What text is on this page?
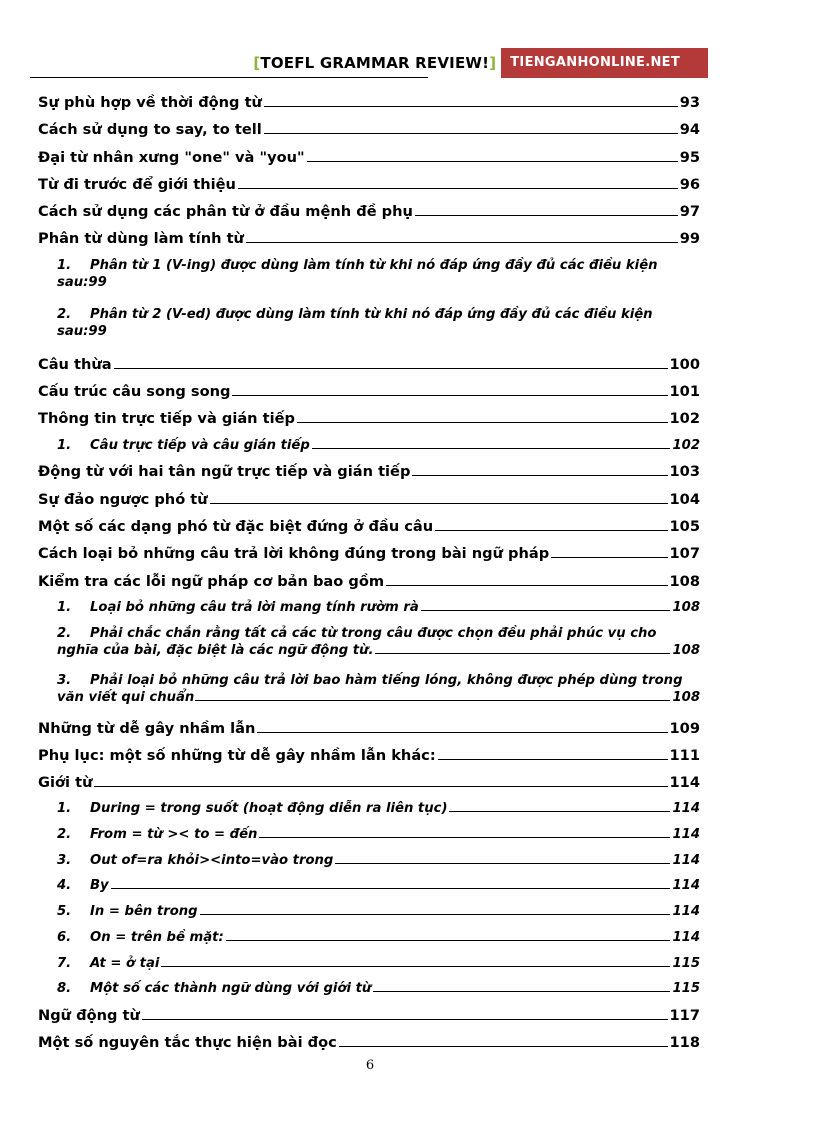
[TOEFL GRAMMAR REVIEW!]	TIENGANHONLINE.NET
Sự phù hợp về thời động từ	93
Cách sử dụng to say, to tell	94
Đại từ nhân xưng "one" và "you"	95
Từ đi trước để giới thiệu	96
Cách sử dụng các phân từ ở đầu mệnh đề phụ	97
Phân từ dùng làm tính từ	99
1. Phân từ 1 (V-ing) được dùng làm tính từ khi nó đáp ứng đầy đủ các điều kiện
sau:99
2. Phân từ 2 (V-ed) được dùng làm tính từ khi nó đáp ứng đầy đủ các điều kiện
sau:99
Câu thừa	100
Cấu trúc câu song song	101
Thông tin trực tiếp và gián tiếp	102
1.	Câu trực tiếp và câu gián tiếp	102
Động từ với hai tân ngữ trực tiếp và gián tiếp	103
Sự đảo ngược phó từ	104
Một số các dạng phó từ đặc biệt đứng ở đầu câu	105
Cách loại bỏ những câu trả lời không đúng trong bài ngữ pháp	107
Kiểm tra các lỗi ngữ pháp cơ bản bao gồm	108
1.	Loại bỏ những câu trả lời mang tính rườm rà	108
2. Phải chắc chắn rằng tất cả các từ trong câu được chọn đều phải phúc vụ cho
nghĩa của bài, đặc biệt là các ngữ động từ.	108
3. Phải loại bỏ những câu trả lời bao hàm tiếng lóng, không được phép dùng trong
văn viết qui chuẩn	108
Những từ dễ gây nhầm lẫn	109
Phụ lục: một số những từ dễ gây nhầm lẫn khác:	111
Giới từ	114
1.	During = trong suốt (hoạt động diễn ra liên tục)	114
2.	From = từ >< to = đến	114
3.	Out of=ra khỏi><into=vào trong	114
4.	By	114
5.	In = bên trong	114
6.	On = trên bề mặt:	114
7.	At = ở tại	115
8.	Một số các thành ngữ dùng với giới từ	115
Ngữ động từ	117
Một số nguyên tắc thực hiện bài đọc	118
6
